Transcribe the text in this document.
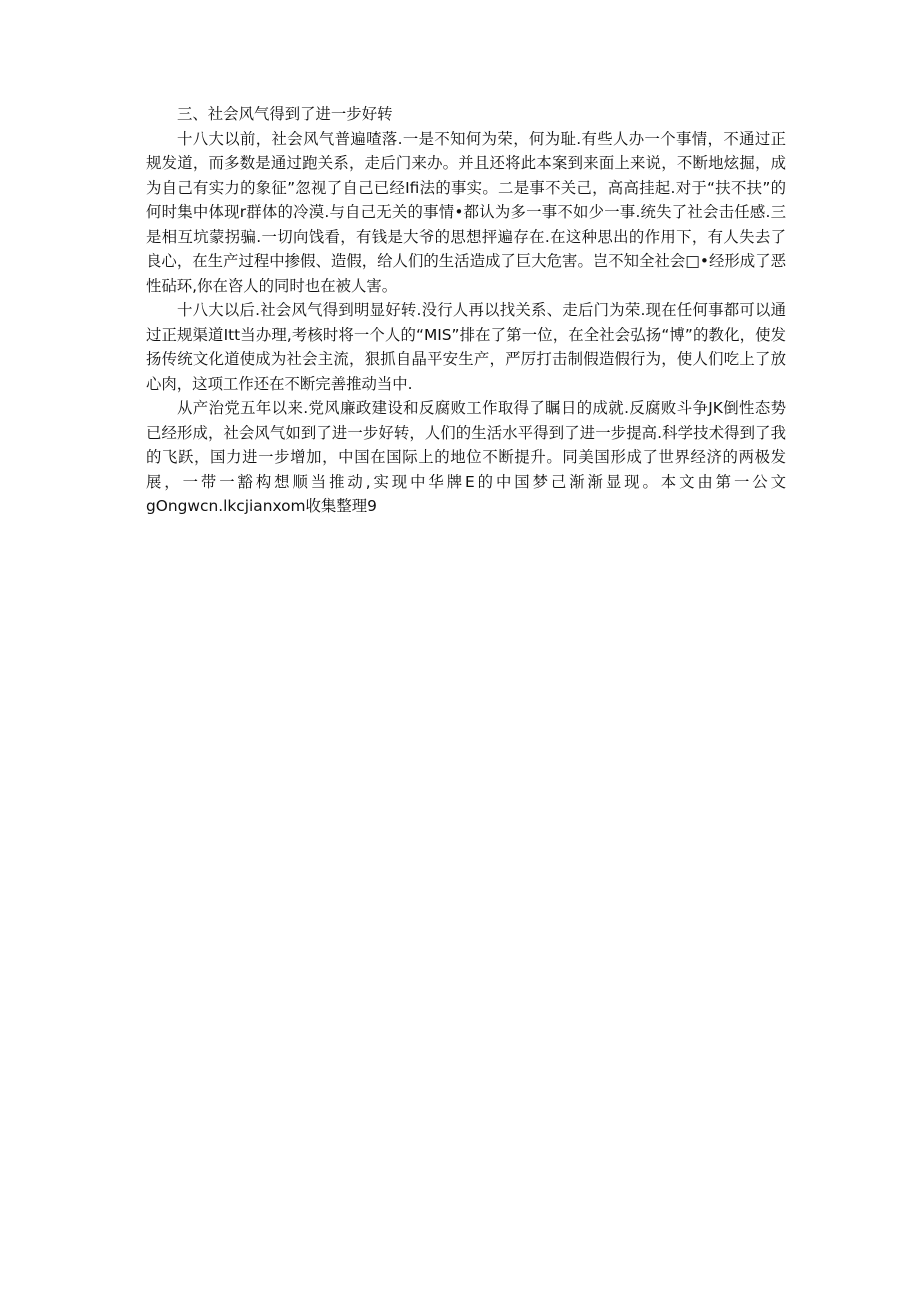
三、社会风气得到了进一步好转

十八大以前，社会风气普遍喳落.一是不知何为荣，何为耻.有些人办一个事情，不通过正规发道，而多数是通过跑关系，走后门来办。并且还将此本案到来面上来说，不断地炫掘，成为自己有实力的象征”忽视了自己已经Ifi法的事实。二是事不关己，高高挂起.对于“扶不扶”的何时集中体现r群体的冷漠.与自己无关的事情•都认为多一事不如少一事.统失了社会击任感.三是相互坑蒙拐骗.一切向饯看，有钱是大爷的思想抨遍存在.在这种思出的作用下，有人失去了良心，在生产过程中掺假、造假，给人们的生活造成了巨大危害。岂不知全社会□•经形成了恶性砧环,你在咨人的同时也在被人害。

十八大以后.社会风气得到明显好转.没行人再以找关系、走后门为荣.现在任何事都可以通过正规渠道Itt当办理,考核时将一个人的“MIS”排在了第一位，在全社会弘扬“博”的教化，使发扬传统文化道使成为社会主流，狠抓自晶平安生产，严厉打击制假造假行为，使人们吃上了放心肉，这项工作还在不断完善推动当中.

从产治党五年以来.党风廉政建设和反腐败工作取得了瞩日的成就.反腐败斗争JK倒性态势已经形成，社会风气如到了进一步好转，人们的生活水平得到了进一步提高.科学技术得到了我的飞跃，国力进一步增加，中国在国际上的地位不断提升。同美国形成了世界经济的两极发展，一带一豁构想顺当推动,实现中华牌E的中国梦己渐渐显现。本文由第一公文gOngwcn.lkcjianxom收集整理9
